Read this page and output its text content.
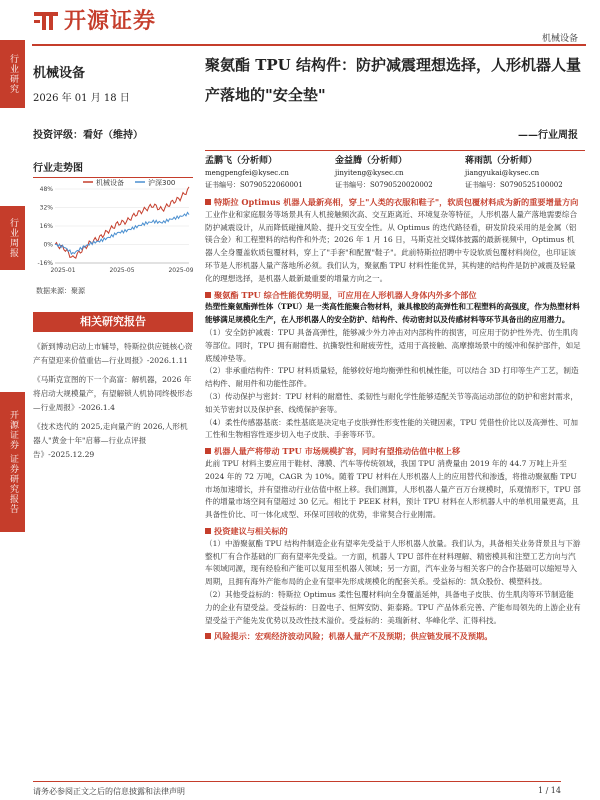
行业研究
行业周报
开源证券 证券研究报告
开源证券
机械设备
机械设备
2026 年 01 月 18 日
投资评级：看好（维持）
行业走势图
机械设备	沪深300
48%
32%
16%
0%
-16%
2025-01	2025-05	2025-09
数据来源：聚源
相关研究报告

《新到博动启动上市辅导，特斯拉供应链核心资产有望迎来价值重估—行业周报》-2026.1.11

《马斯克宣图的下一个高富：解机器，2026 年将启动大规模量产，有望解锁人机协同终极形态—行业周报》-2026.1.4

《技术迭代的 2025,走向量产的 2026,人形机器人"黄金十年"启幕—行业点评报告》-2025.12.29

聚氨酯 TPU 结构件：防护减震理想选择，人形机器人量产落地的"安全垫"
——行业周报
孟鹏飞（分析师）
mengpengfei@kysec.cn
证书编号：S0790522060001
金益腾（分析师）
jinyiteng@kysec.cn
证书编号：S0790520020002
蒋雨凯（分析师）
jiangyukai@kysec.cn
证书编号：S0790525100002

特斯拉 Optimus 机器人最新亮相，穿上"人类的衣服和鞋子"，软质包覆材料成为新的重要增量方向

工业作业和家庭服务等场景具有人机接触频次高、交互距离近、环境复杂等特征，人形机器人量产落地需要综合防护减震设计，从而降低碰撞风险、提升交互安全性。从 Optimus 的迭代路径看，研发阶段采用的是金属（铝镁合金）和工程塑料的结构件和外壳；2026 年 1 月 16 日，马斯克社交媒体披露的最新视频中，Optimus 机器人全身覆盖软质包覆材料，穿上了"手套"和配置"鞋子"。此前特斯拉招聘中专设软质包覆材料岗位，也印证该环节是人形机器人量产落地所必须。我们认为，聚氨酯 TPU 材料性能优异，其构建的结构件是防护减震及轻量化的理想选择，是机器人最新最重要的增量方向之一。

聚氨酯 TPU 综合性能优势明显，可应用在人形机器人身体内外多个部位

热塑性聚氨酯弹性体（TPU）是一类高性能聚合物材料，兼具橡胶的高弹性和工程塑料的高强度，作为热塑材料能够满足规模化生产，在人形机器人的安全防护、结构件、传动密封以及传感材料等环节具备出的应用潜力。

（1）安全防护减震：TPU 具备高弹性，能够减少外力冲击对内部构件的损害，可应用于防护性外壳、仿生肌肉等部位。同时，TPU 拥有耐磨性、抗撕裂性和耐疲劳性，适用于高接触、高摩擦场景中的缓冲和保护部件，如足底缓冲垫等。

（2）非承重结构件：TPU 材料质量轻，能够较好地均衡弹性和机械性能，可以结合 3D 打印等生产工艺，制造结构件、耐用件和功能性部件。

（3）传动保护与密封：TPU 材料的耐磨性、柔韧性与耐化学性能够适配关节等高运动部位的防护和密封需求，如关节密封以及保护套、线缆保护套等。

（4）柔性传感器基底：柔性基底是决定电子皮肤弹性形变性能的关键因素，TPU 凭借性价比以及高弹性、可加工性和生物相容性逐步切入电子皮肤、手套等环节。

机器人量产将带动 TPU 市场规模扩容，同时有望推动估值中枢上移

此前 TPU 材料主要应用于鞋材、薄膜、汽车等传统领域，我国 TPU 消费量由 2019 年的 44.7 万吨上升至 2024 年的 72 万吨，CAGR 为 10%。随着 TPU 材料在人形机器人上的应用替代和渗透，将推动聚氨酯 TPU 市场加速增长，并有望推动行业估值中枢上移。我们测算，人形机器人量产百万台规模时，乐观情形下，TPU 部件的增量市场空间有望超过 30 亿元。相比于 PEEK 材料，预计 TPU 材料在人形机器人中的单机用量更高，且具备性价比、可一体化成型、环保可回收的优势，非常契合行业刚需。

投资建议与相关标的

（1）中游聚氨酯 TPU 结构件制造企业有望率先受益于人形机器人放量。我们认为，具备相关业务背景且与下游整机厂有合作基础的厂商有望率先受益。一方面，机器人 TPU 部件在材料理解、精密模具和注塑工艺方向与汽车领域同源，现有经验和产能可以复用至机器人领域；另一方面，汽车业务与相关客户的合作基础可以缩短导入周期，且拥有海外产能布局的企业有望率先形成规模化的配套关系。受益标的：凯众股份、模塑科技。

（2）其他受益标的：特斯拉 Optimus 柔性包覆材料向全身覆盖延伸，具备电子皮肤、仿生肌肉等环节制造能力的企业有望受益。受益标的：日盈电子、恒辉安防、鉅泰路。TPU 产品体系完善、产能布局领先的上游企业有望受益于产能先发优势以及改性技术溢价。受益标的：美瑞新材、华峰化学、汇得科技。

风险提示：宏观经济波动风险；机器人量产不及预期；供应链发展不及预期。

请务必参阅正文之后的信息披露和法律声明	1 / 14
